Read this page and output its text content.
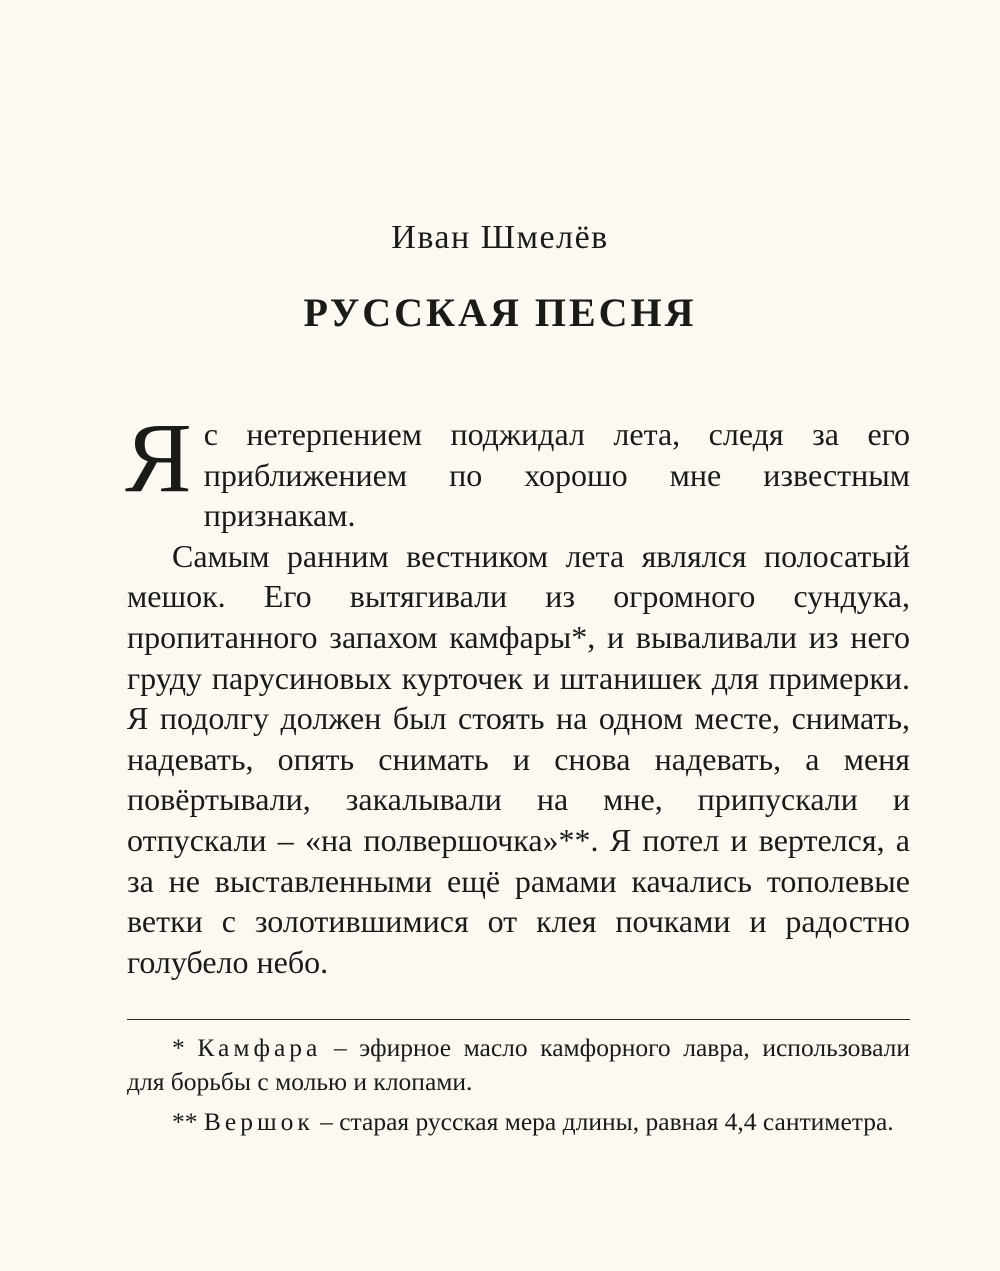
Иван Шмелёв
РУССКАЯ ПЕСНЯ

Яс нетерпением поджидал лета, следя за его приближением по хорошо мне известным признакам.

Самым ранним вестником лета являлся полосатый мешок. Его вытягивали из огромного сундука, пропитанного запахом камфары*, и вываливали из него груду парусиновых курточек и штанишек для примерки. Я подолгу должен был стоять на одном месте, снимать, надевать, опять снимать и снова надевать, а меня повёртывали, закалывали на мне, припускали и отпускали – «на полвершочка»**. Я потел и вертелся, а за не выставленными ещё рамами качались тополевые ветки с золотившимися от клея почками и радостно голубело небо.

* Камфара – эфирное масло камфорного лавра, использовали для борьбы с молью и клопами.

** Вершок – старая русская мера длины, равная 4,4 сантиметра.
